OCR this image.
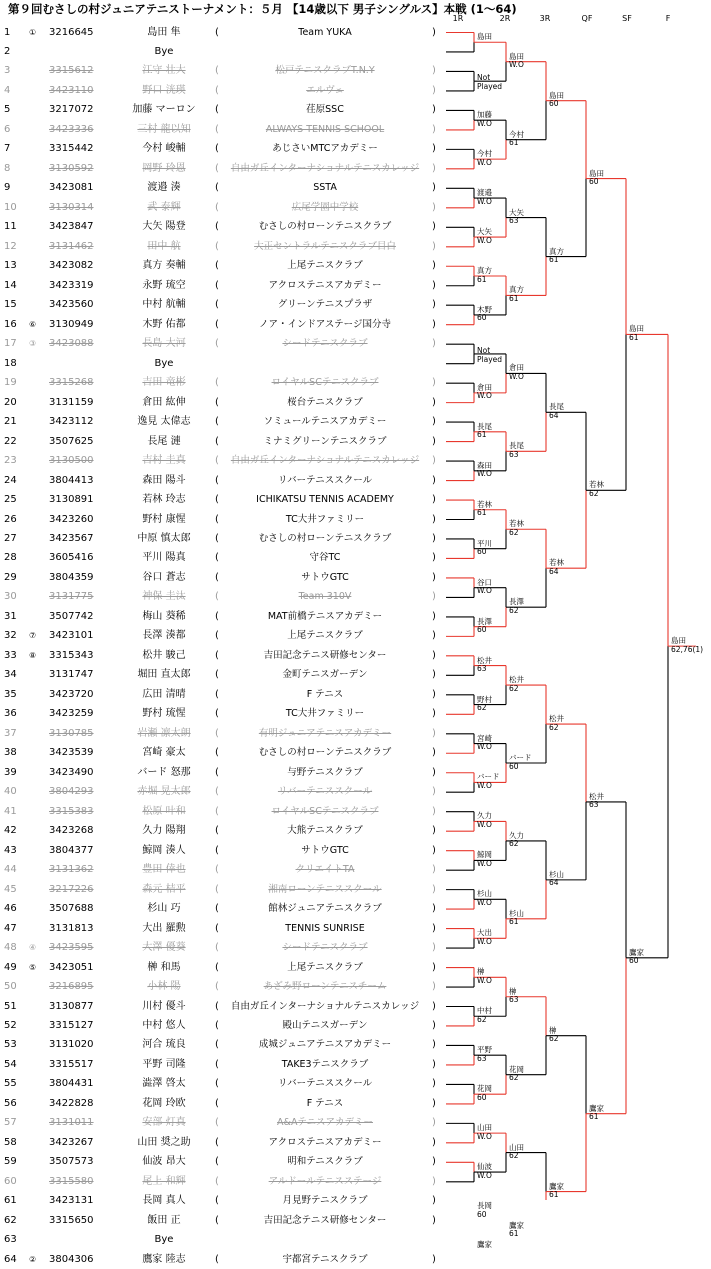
第９回むさしの村ジュニアテニストーナメント：５月 【14歳以下 男子シングルス】本戦 (1〜64)
1R	2R	3R	QF	SF	F
1	①	3216645	島田 隼	(	Team YUKA	)
2	Bye
3	3315612	江守 壮大	(	松戸テニスクラブT.N.Y	)
4	3423110	野口 洸瑛	(	エルヴェ	)
5	3217072	加藤 マーロン	(	荏原SSC	)
6	3423336	三村 龍以知	(	ALWAYS TENNIS SCHOOL	)
7	3315442	今村 峻輔	(	あじさいMTCアカデミー	)
8	3130592	岡野 玲恩	(	自由ガ丘インターナショナルテニスカレッジ	)
9	3423081	渡邉 湊	(	SSTA	)
10	3130314	武 泰輝	(	広尾学園中学校	)
11	3423847	大矢 陽登	(	むさしの村ローンテニスクラブ	)
12	3131462	田中 航	(	大正セントラルテニスクラブ目白	)
13	3423082	真方 奏輔	(	上尾テニスクラブ	)
14	3423319	永野 琉空	(	アクロステニスアカデミー	)
15	3423560	中村 航輔	(	グリーンテニスプラザ	)
16	⑥	3130949	木野 佑都	(	ノア・インドアステージ国分寺	)
17	③	3423088	長島 大河	(	シードテニスクラブ	)
18	Bye
19	3315268	吉田 竜彬	(	ロイヤルSCテニスクラブ	)
20	3131159	倉田 紘伸	(	桜台テニスクラブ	)
21	3423112	逸見 太偉志	(	ソミュールテニスアカデミー	)
22	3507625	長尾 漣	(	ミナミグリーンテニスクラブ	)
23	3130500	吉村 圭真	(	自由ガ丘インターナショナルテニスカレッジ	)
24	3804413	森田 陽斗	(	リバーテニススクール	)
25	3130891	若林 玲志	(	ICHIKATSU TENNIS ACADEMY	)
26	3423260	野村 康惺	(	TC大井ファミリー	)
27	3423567	中原 慎太郎	(	むさしの村ローンテニスクラブ	)
28	3605416	平川 陽真	(	守谷TC	)
29	3804359	谷口 蒼志	(	サトウGTC	)
30	3131775	神保 圭汰	(	Team 310V	)
31	3507742	梅山 葵稀	(	MAT前橋テニスアカデミー	)
32	⑦	3423101	長澤 湊都	(	上尾テニスクラブ	)
33	⑧	3315343	松井 駿己	(	吉田記念テニス研修センター	)
34	3131747	堀田 直太郎	(	金町テニスガーデン	)
35	3423720	広田 清晴	(	F テニス	)
36	3423259	野村 琉惺	(	TC大井ファミリー	)
37	3130785	岩瀬 凛太朗	(	有明ジュニアテニスアカデミー	)
38	3423539	宮崎 豪太	(	むさしの村ローンテニスクラブ	)
39	3423490	バード 怒那	(	与野テニスクラブ	)
40	3804293	赤堀 晃太郎	(	リバーテニススクール	)
41	3315383	松原 叶和	(	ロイヤルSCテニスクラブ	)
42	3423268	久力 陽翔	(	大熊テニスクラブ	)
43	3804377	鯨岡 湊人	(	サトウGTC	)
44	3131362	豊田 倖也	(	クリエイトTA	)
45	3217226	森元 桔平	(	湘南ローンテニススクール	)
46	3507688	杉山 巧	(	館林ジュニアテニスクラブ	)
47	3131813	大出 羅勲	(	TENNIS SUNRISE	)
48	④	3423595	大澤 優葵	(	シードテニスクラブ	)
49	⑤	3423051	榊 和馬	(	上尾テニスクラブ	)
50	3216895	小林 陽	(	あざみ野ローンテニスチーム	)
51	3130877	川村 優斗	(	自由ガ丘インターナショナルテニスカレッジ	)
52	3315127	中村 悠人	(	殿山テニスガーデン	)
53	3131020	河合 琉良	(	成城ジュニアテニスアカデミー	)
54	3315517	平野 司隆	(	TAKE3テニスクラブ	)
55	3804431	澁澤 啓太	(	リバーテニススクール	)
56	3422828	花岡 玲欧	(	F テニス	)
57	3131011	安部 灯真	(	A&Aテニスアカデミー	)
58	3423267	山田 奨之助	(	アクロステニスアカデミー	)
59	3507573	仙波 昂大	(	明和テニスクラブ	)
60	3315580	尾上 和輝	(	アルドールテニスステージ	)
61	3423131	長岡 真人	(	月見野テニスクラブ	)
62	3315650	飯田 正	(	吉田記念テニス研修センター	)
63	Bye
64	②	3804306	鷹家 陸志	(	宇都宮テニスクラブ	)
島田
Not Played
加藤
W.O
今村
W.O
渡邉
W.O
大矢
W.O
真方
61
木野
60
Not Played
倉田
W.O
長尾
61
森田
W.O
若林
61
平川
60
谷口
W.O
長澤
60
松井
63
野村
62
宮崎
W.O
バード
W.O
久力
W.O
鯨岡
W.O
杉山
W.O
大出
W.O
榊
W.O
中村
62
平野
63
花岡
60
山田
W.O
仙波
W.O
長岡
60
鷹家
島田
W.O
今村
61
大矢
63
真方
61
倉田
W.O
長尾
63
若林
62
長澤
62
松井
62
バード
60
久力
62
杉山
61
榊
63
花岡
62
山田
62
鷹家
61
島田
60
真方
61
長尾
64
若林
64
松井
62
杉山
64
榊
62
鷹家
61
島田
60
若林
62
松井
63
鷹家
61
島田
61
鷹家
60
島田
62,76(1)
